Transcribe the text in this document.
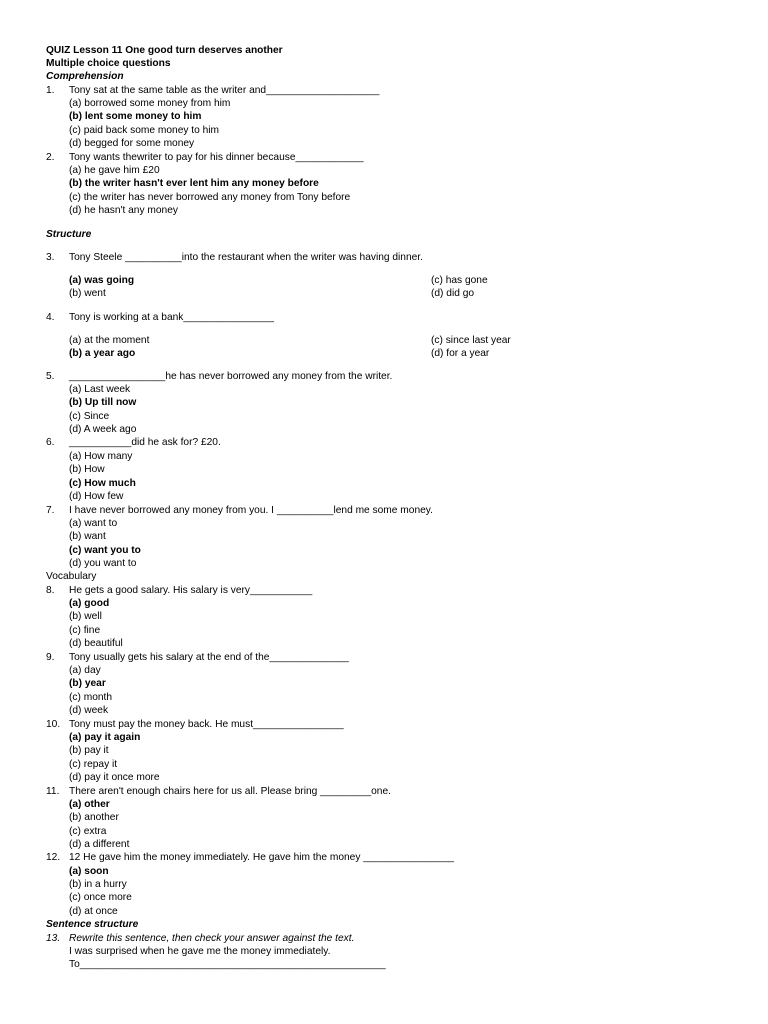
QUIZ Lesson 11 One good turn deserves another
Multiple choice questions
Comprehension
1. Tony sat at the same table as the writer and____________________
(a) borrowed some money from him
(b) lent some money to him
(c) paid back some money to him
(d) begged for some money
2. Tony wants thewriter to pay for his dinner because____________
(a) he gave him £20
(b) the writer hasn't ever lent him any money before
(c) the writer has never borrowed any money from Tony before
(d) he hasn't any money
Structure
3. Tony Steele __________into the restaurant when the writer was having dinner.
(a) was going
(b) went
(c) has gone
(d) did go
4. Tony is working at a bank________________
(a) at the moment
(b) a year ago
(c) since last year
(d) for a year
5. _________________he has never borrowed any money from the writer.
(a) Last week
(b) Up till now
(c) Since
(d) A week ago
6. ___________did he ask for? £20.
(a) How many
(b) How
(c) How much
(d) How few
7. I have never borrowed any money from you. I __________lend me some money.
(a) want to
(b) want
(c) want you to
(d) you want to
Vocabulary
8. He gets a good salary. His salary is very___________
(a) good
(b) well
(c) fine
(d) beautiful
9. Tony usually gets his salary at the end of the______________
(a) day
(b) year
(c) month
(d) week
10. Tony must pay the money back. He must________________
(a) pay it again
(b) pay it
(c) repay it
(d) pay it once more
11. There aren't enough chairs here for us all. Please bring _________one.
(a) other
(b) another
(c) extra
(d) a different
12. 12 He gave him the money immediately. He gave him the money ________________
(a) soon
(b) in a hurry
(c) once more
(d) at once
Sentence structure
13. Rewrite this sentence, then check your answer against the text.
I was surprised when he gave me the money immediately.
To______________________________________________________
